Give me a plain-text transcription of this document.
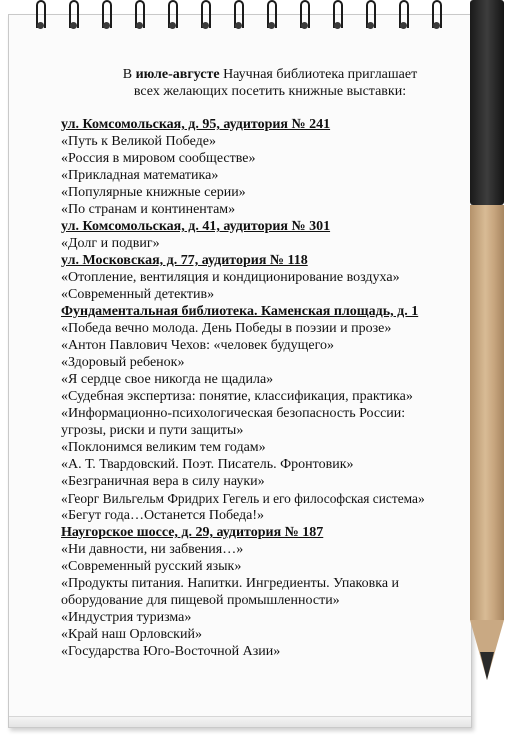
В июле-августе Научная библиотека приглашает
всех желающих посетить книжные выставки:
ул. Комсомольская, д. 95, аудитория № 241
«Путь к Великой Победе»
«Россия в мировом сообществе»
«Прикладная математика»
«Популярные книжные серии»
«По странам и континентам»
ул. Комсомольская, д. 41, аудитория № 301
«Долг и подвиг»
ул. Московская, д. 77, аудитория № 118
«Отопление, вентиляция и кондиционирование воздуха»
«Современный детектив»
Фундаментальная библиотека. Каменская площадь, д. 1
«Победа вечно молода. День Победы в поэзии и прозе»
«Антон Павлович Чехов: «человек будущего»
«Здоровый ребенок»
«Я сердце свое никогда не щадила»
«Судебная экспертиза: понятие, классификация, практика»
«Информационно-психологическая безопасность России: угрозы, риски и пути защиты»
«Поклонимся великим тем годам»
«А. Т. Твардовский. Поэт. Писатель. Фронтовик»
«Безграничная вера в силу науки»
«Георг Вильгельм Фридрих Гегель и его философская система»
«Бегут года…Останется Победа!»
Наугорское шоссе, д. 29, аудитория № 187
«Ни давности, ни забвения…»
«Современный русский язык»
«Продукты питания. Напитки. Ингредиенты. Упаковка и оборудование для пищевой промышленности»
«Индустрия туризма»
«Край наш Орловский»
«Государства Юго-Восточной Азии»
